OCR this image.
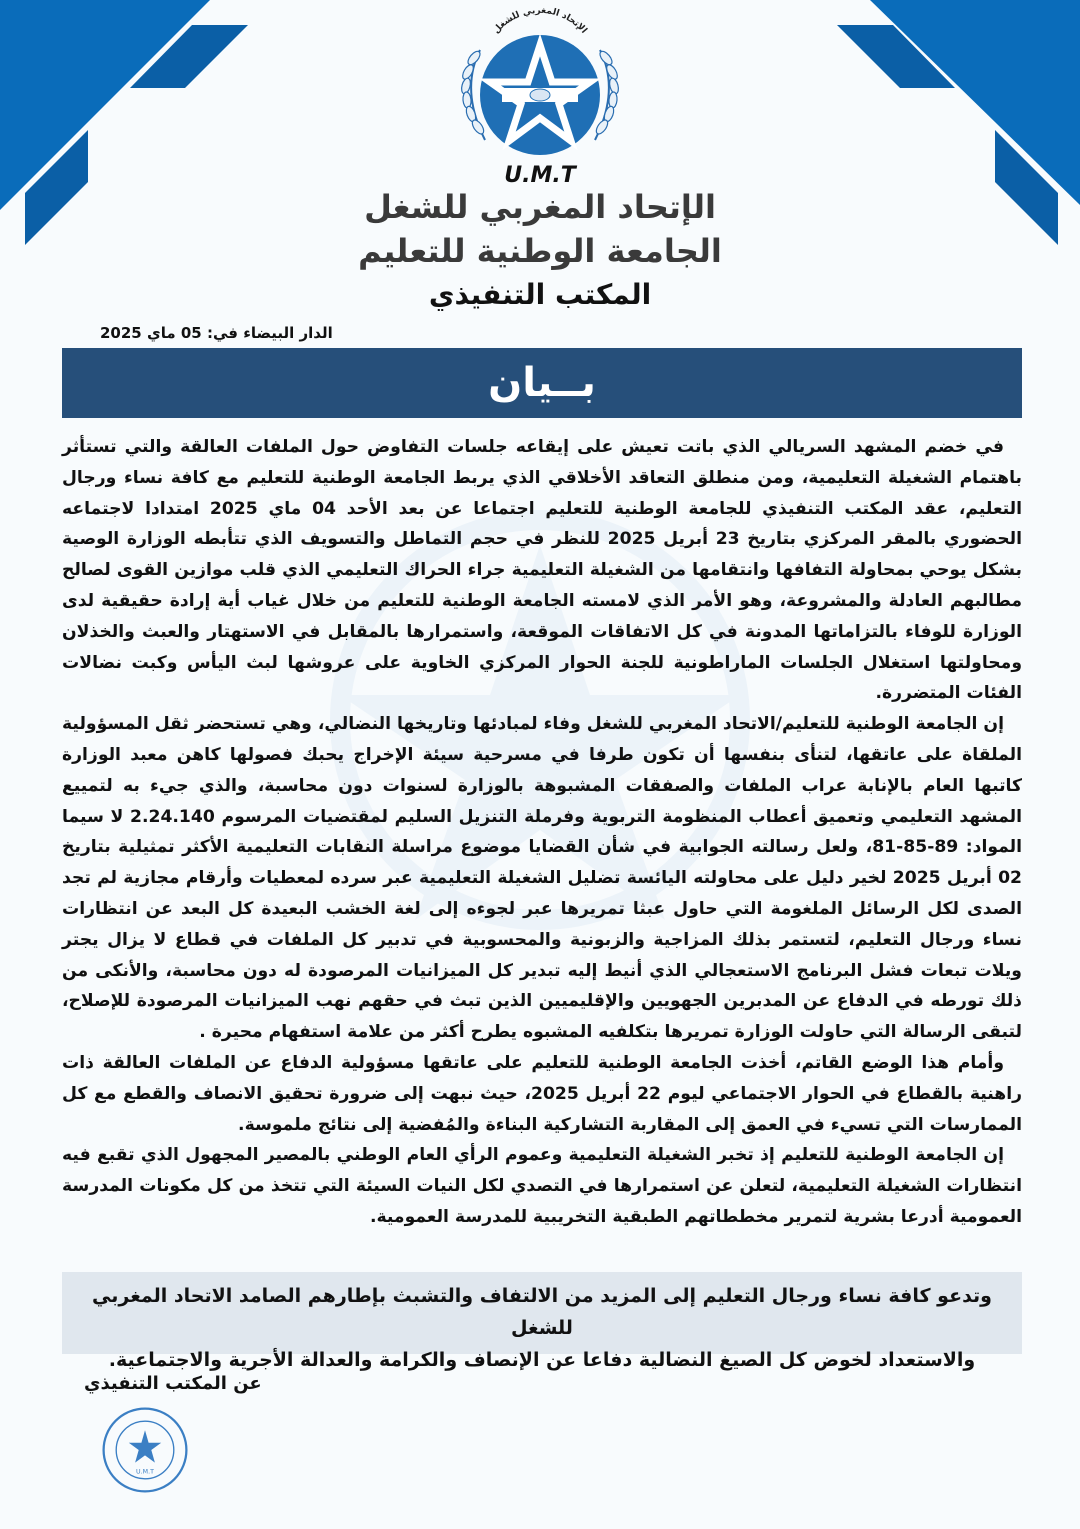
الإتحاد المغربي للشغل
U.M.T
الإتحاد المغربي للشغل
الجامعة الوطنية للتعليم
المكتب التنفيذي
الدار البيضاء في: 05 ماي 2025
بــيان

في خضم المشهد السريالي الذي باتت تعيش على إيقاعه جلسات التفاوض حول الملفات العالقة والتي تستأثر باهتمام الشغيلة التعليمية، ومن منطلق التعاقد الأخلاقي الذي يربط الجامعة الوطنية للتعليم مع كافة نساء ورجال التعليم، عقد المكتب التنفيذي للجامعة الوطنية للتعليم اجتماعا عن بعد الأحد 04 ماي 2025 امتدادا لاجتماعه الحضوري بالمقر المركزي بتاريخ 23 أبريل 2025 للنظر في حجم التماطل والتسويف الذي تتأبطه الوزارة الوصية بشكل يوحي بمحاولة التفافها وانتقامها من الشغيلة التعليمية جراء الحراك التعليمي الذي قلب موازين القوى لصالح مطالبهم العادلة والمشروعة، وهو الأمر الذي لامسته الجامعة الوطنية للتعليم من خلال غياب أية إرادة حقيقية لدى الوزارة للوفاء بالتزاماتها المدونة في كل الاتفاقات الموقعة، واستمرارها بالمقابل في الاستهتار والعبث والخذلان ومحاولتها استغلال الجلسات الماراطونية للجنة الحوار المركزي الخاوية على عروشها لبث اليأس وكبت نضالات الفئات المتضررة.

إن الجامعة الوطنية للتعليم/الاتحاد المغربي للشغل وفاء لمبادئها وتاريخها النضالي، وهي تستحضر ثقل المسؤولية الملقاة على عاتقها، لتنأى بنفسها أن تكون طرفا في مسرحية سيئة الإخراج يحبك فصولها كاهن معبد الوزارة كاتبها العام بالإنابة عراب الملفات والصفقات المشبوهة بالوزارة لسنوات دون محاسبة، والذي جيء به لتمييع المشهد التعليمي وتعميق أعطاب المنظومة التربوية وفرملة التنزيل السليم لمقتضيات المرسوم 2.24.140 لا سيما المواد: 89-85-81، ولعل رسالته الجوابية في شأن القضايا موضوع مراسلة النقابات التعليمية الأكثر تمثيلية بتاريخ 02 أبريل 2025 لخير دليل على محاولته اليائسة تضليل الشغيلة التعليمية عبر سرده لمعطيات وأرقام مجازية لم تجد الصدى لكل الرسائل الملغومة التي حاول عبثا تمريرها عبر لجوءه إلى لغة الخشب البعيدة كل البعد عن انتظارات نساء ورجال التعليم، لتستمر بذلك المزاجية والزبونية والمحسوبية في تدبير كل الملفات في قطاع لا يزال يجتر ويلات تبعات فشل البرنامج الاستعجالي الذي أنيط إليه تبدير كل الميزانيات المرصودة له دون محاسبة، والأنكى من ذلك تورطه في الدفاع عن المدبرين الجهويين والإقليميين الذين تبث في حقهم نهب الميزانيات المرصودة للإصلاح، لتبقى الرسالة التي حاولت الوزارة تمريرها بتكلفيه المشبوه يطرح أكثر من علامة استفهام محيرة .

وأمام هذا الوضع القاتم، أخذت الجامعة الوطنية للتعليم على عاتقها مسؤولية الدفاع عن الملفات العالقة ذات راهنية بالقطاع في الحوار الاجتماعي ليوم 22 أبريل 2025، حيث نبهت إلى ضرورة تحقيق الانصاف والقطع مع كل الممارسات التي تسيء في العمق إلى المقاربة التشاركية البناءة والمُفضية إلى نتائج ملموسة.

إن الجامعة الوطنية للتعليم إذ تخبر الشغيلة التعليمية وعموم الرأي العام الوطني بالمصير المجهول الذي تقبع فيه انتظارات الشغيلة التعليمية، لتعلن عن استمرارها في التصدي لكل النيات السيئة التي تتخذ من كل مكونات المدرسة العمومية أدرعا بشرية لتمرير مخططاتهم الطبقية التخريبية للمدرسة العمومية.

وتدعو كافة نساء ورجال التعليم إلى المزيد من الالتفاف والتشبث بإطارهم الصامد الاتحاد المغربي للشغل
والاستعداد لخوض كل الصيغ النضالية دفاعا عن الإنصاف والكرامة والعدالة الأجرية والاجتماعية.
عن المكتب التنفيذي
U.M.T
